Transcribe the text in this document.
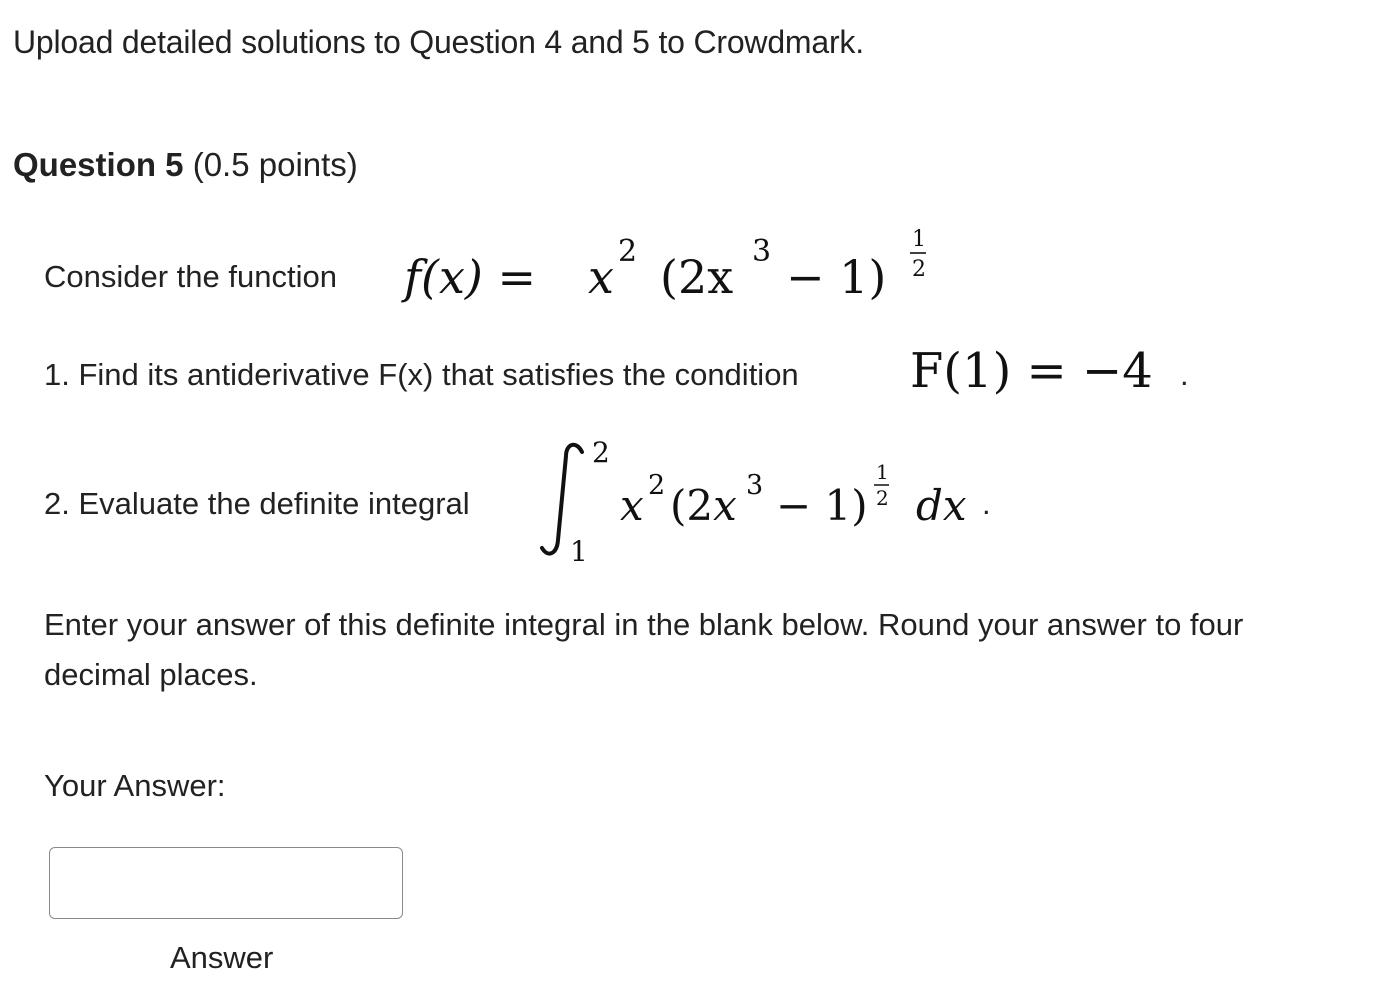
Upload detailed solutions to Question 4 and 5 to Crowdmark.
Question 5 (0.5 points)
Consider the function f(x) = x 2 (2x 3 − 1)
1
2
1. Find its antiderivative F(x) that satisfies the condition F(1) = −4 .
2. Evaluate the definite integral
2
1
x 2 (2x 3 − 1)
1
2 dx .
Enter your answer of this definite integral in the blank below. Round your answer to four decimal places.
Your Answer:
Answer
